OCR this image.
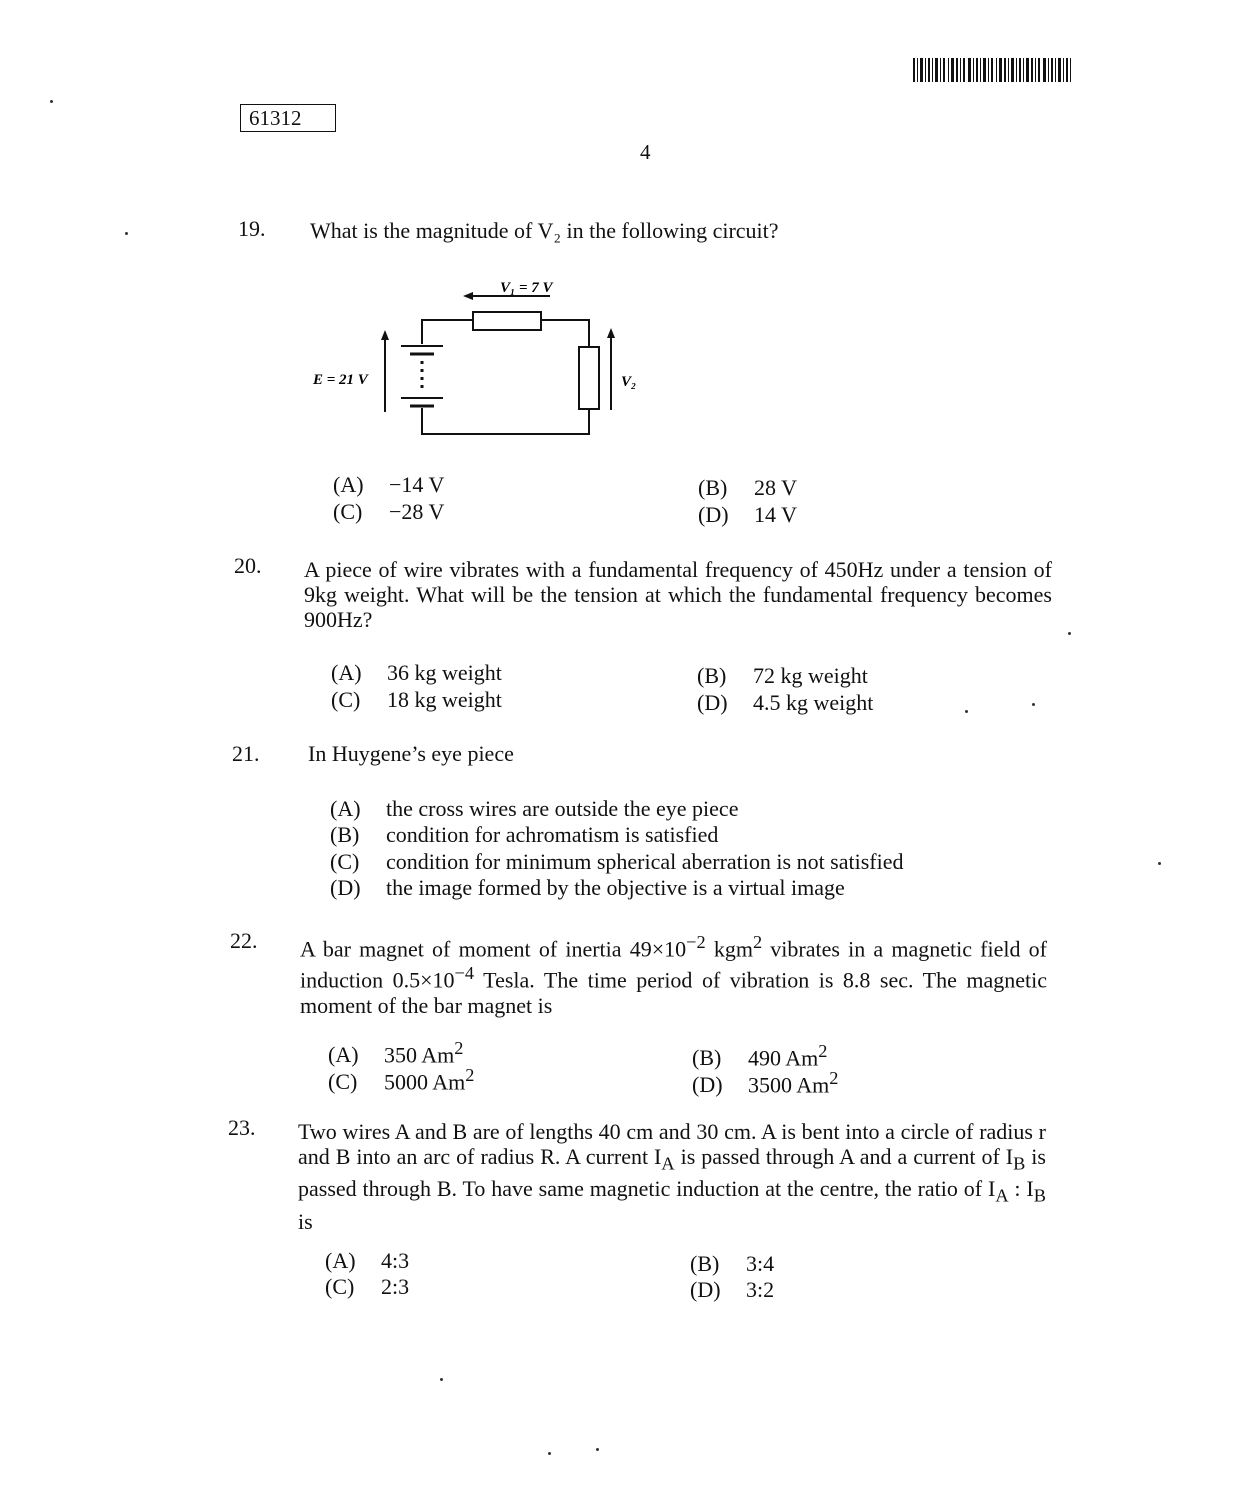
61312
4
19. What is the magnitude of V₂ in the following circuit?
V₁ = 7 V
E = 21 V	V₂
(A) −14 V	(B) 28 V
(C) −28 V	(D) 14 V
20. A piece of wire vibrates with a fundamental frequency of 450Hz under a tension of 9kg weight. What will be the tension at which the fundamental frequency becomes 900Hz?
(A) 36 kg weight	(B) 72 kg weight
(C) 18 kg weight	(D) 4.5 kg weight
21. In Huygene’s eye piece
(A) the cross wires are outside the eye piece
(B) condition for achromatism is satisfied
(C) condition for minimum spherical aberration is not satisfied
(D) the image formed by the objective is a virtual image
22. A bar magnet of moment of inertia $49\times 10^{-2}$ kgm$^2$ vibrates in a magnetic field of induction $0.5\times 10^{-4}$ Tesla. The time period of vibration is 8.8 sec. The magnetic moment of the bar magnet is
(A) 350 Am$^2$	(B) 490 Am$^2$
(C) 5000 Am$^2$	(D) 3500 Am$^2$
23. Two wires A and B are of lengths 40 cm and 30 cm. A is bent into a circle of radius r and B into an arc of radius R. A current $I_A$ is passed through A and a current of $I_B$ is passed through B. To have same magnetic induction at the centre, the ratio of $I_A$ : $I_B$ is
(A) 4:3	(B) 3:4
(C) 2:3	(D) 3:2
